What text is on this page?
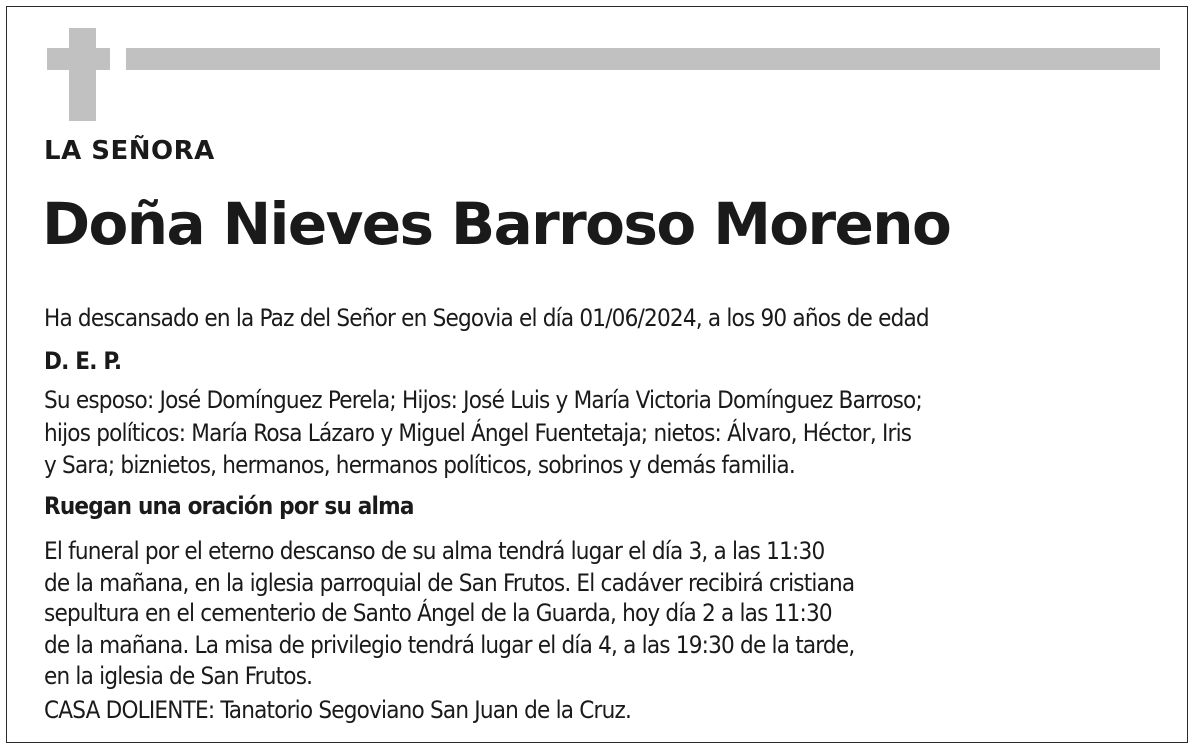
LA SEÑORA
Doña Nieves Barroso Moreno
Ha descansado en la Paz del Señor en Segovia el día 01/06/2024, a los 90 años de edad
D. E. P.
Su esposo: José Domínguez Perela; Hijos: José Luis y María Victoria Domínguez Barroso;
hijos políticos: María Rosa Lázaro y Miguel Ángel Fuentetaja; nietos: Álvaro, Héctor, Iris
y Sara; biznietos, hermanos, hermanos políticos, sobrinos y demás familia.
Ruegan una oración por su alma
El funeral por el eterno descanso de su alma tendrá lugar el día 3, a las 11:30
de la mañana, en la iglesia parroquial de San Frutos. El cadáver recibirá cristiana
sepultura en el cementerio de Santo Ángel de la Guarda, hoy día 2 a las 11:30
de la mañana. La misa de privilegio tendrá lugar el día 4, a las 19:30 de la tarde,
en la iglesia de San Frutos.
CASA DOLIENTE: Tanatorio Segoviano San Juan de la Cruz.
